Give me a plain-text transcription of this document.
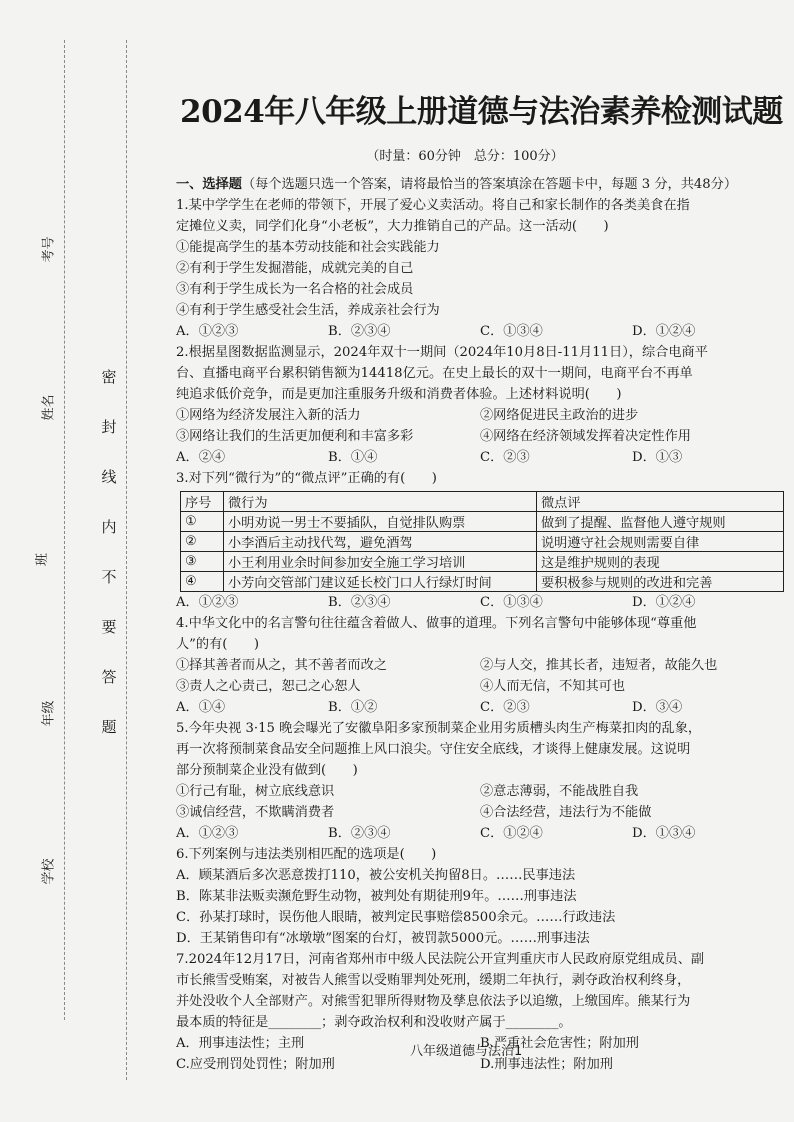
考号
姓名
班
年级
学校
密
封
线
内
不
要
答
题
2024年八年级上册道德与法治素养检测试题
（时量：60分钟　总分：100分）
一、选择题（每个选题只选一个答案，请将最恰当的答案填涂在答题卡中，每题 3 分，共48分）
1.某中学学生在老师的带领下，开展了爱心义卖活动。将自己和家长制作的各类美食在指
定摊位义卖，同学们化身“小老板”，大力推销自己的产品。这一活动(　　)
①能提高学生的基本劳动技能和社会实践能力
②有利于学生发掘潜能，成就完美的自己
③有利于学生成长为一名合格的社会成员
④有利于学生感受社会生活，养成亲社会行为
A．①②③	B．②③④	C．①③④	D．①②④
2.根据星图数据监测显示，2024年双十一期间（2024年10月8日-11月11日），综合电商平
台、直播电商平台累积销售额为14418亿元。在史上最长的双十一期间，电商平台不再单
纯追求低价竞争，而是更加注重服务升级和消费者体验。上述材料说明(　　)
①网络为经济发展注入新的活力	②网络促进民主政治的进步
③网络让我们的生活更加便利和丰富多彩	④网络在经济领域发挥着决定性作用
A．②④	B．①④	C．②③	D．①③
3.对下列“微行为”的“微点评”正确的有(　　)
序号	微行为	微点评
①	小明劝说一男士不要插队，自觉排队购票	做到了提醒、监督他人遵守规则
②	小李酒后主动找代驾，避免酒驾	说明遵守社会规则需要自律
③	小王利用业余时间参加安全施工学习培训	这是维护规则的表现
④	小芳向交管部门建议延长校门口人行绿灯时间	要积极参与规则的改进和完善
A．①②③	B．②③④	C．①③④	D．①②④
4.中华文化中的名言警句往往蕴含着做人、做事的道理。下列名言警句中能够体现“尊重他
人”的有(　　)
①择其善者而从之，其不善者而改之	②与人交，推其长者，违短者，故能久也
③责人之心责己，恕己之心恕人	④人而无信，不知其可也
A．①④	B．①②	C．②③	D．③④
5.今年央视 3·15 晚会曝光了安徽阜阳多家预制菜企业用劣质槽头肉生产梅菜扣肉的乱象，
再一次将预制菜食品安全问题推上风口浪尖。守住安全底线，才谈得上健康发展。这说明
部分预制菜企业没有做到(　　)
①行己有耻，树立底线意识	②意志薄弱，不能战胜自我
③诚信经营，不欺瞒消费者	④合法经营，违法行为不能做
A．①②③	B．②③④	C．①②④	D．①③④
6.下列案例与违法类别相匹配的选项是(　　)
A．顾某酒后多次恶意拨打110，被公安机关拘留8日。……民事违法
B．陈某非法贩卖濒危野生动物，被判处有期徒刑9年。……刑事违法
C．孙某打球时，误伤他人眼睛，被判定民事赔偿8500余元。……行政违法
D．王某销售印有“冰墩墩”图案的台灯，被罚款5000元。……刑事违法
7.2024年12月17日，河南省郑州市中级人民法院公开宣判重庆市人民政府原党组成员、副
市长熊雪受贿案，对被告人熊雪以受贿罪判处死刑，缓期二年执行，剥夺政治权利终身，
并处没收个人全部财产。对熊雪犯罪所得财物及孳息依法予以追缴，上缴国库。熊某行为
最本质的特征是________；剥夺政治权利和没收财产属于________。
A．刑事违法性；主刑	B.严重社会危害性；附加刑
C.应受刑罚处罚性；附加刑	D.刑事违法性；附加刑
八年级道德与法治1
